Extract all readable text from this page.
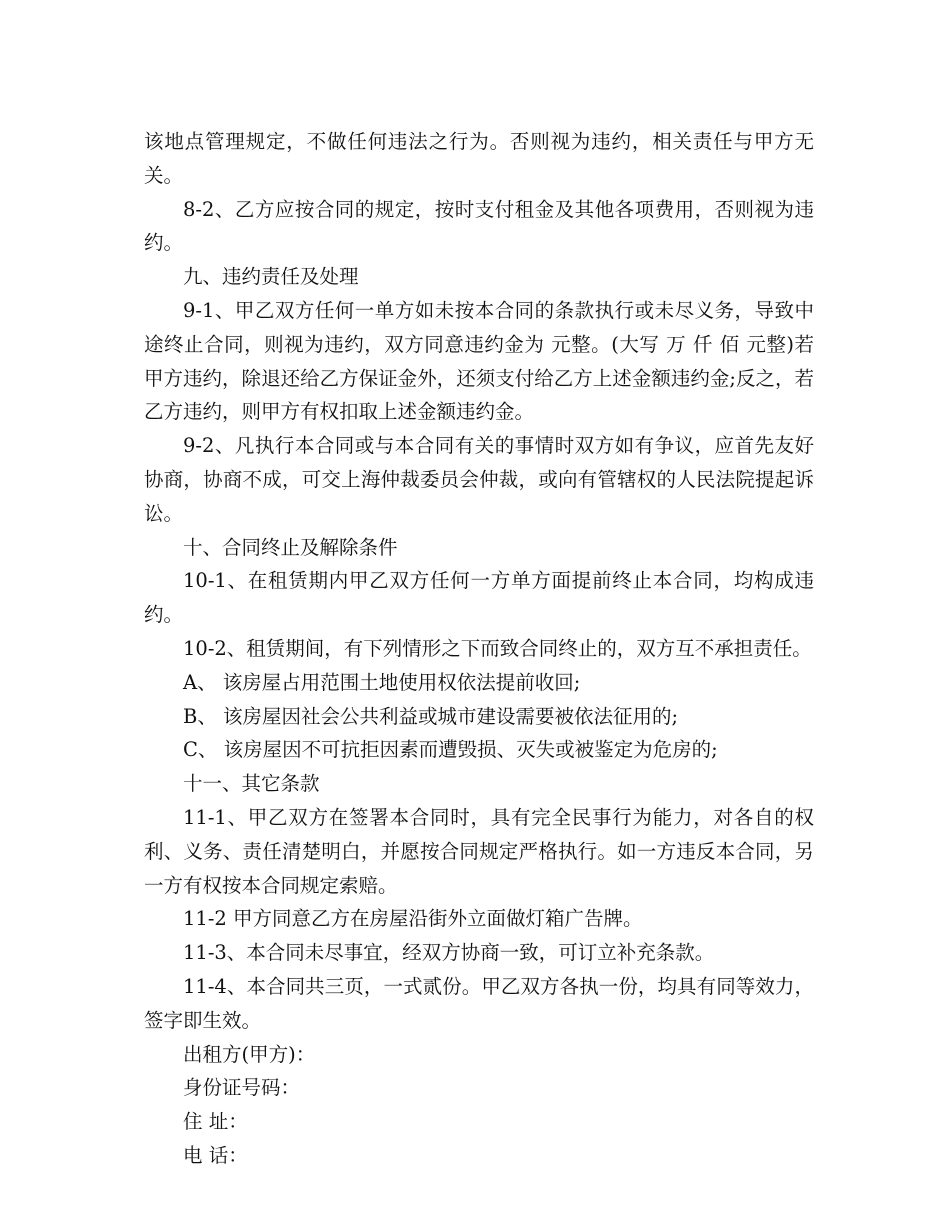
该地点管理规定，不做任何违法之行为。否则视为违约，相关责任与甲方无关。

8-2、乙方应按合同的规定，按时支付租金及其他各项费用，否则视为违约。

九、违约责任及处理

9-1、甲乙双方任何一单方如未按本合同的条款执行或未尽义务，导致中途终止合同，则视为违约，双方同意违约金为 元整。(大写 万 仟 佰 元整)若甲方违约，除退还给乙方保证金外，还须支付给乙方上述金额违约金;反之，若乙方违约，则甲方有权扣取上述金额违约金。

9-2、凡执行本合同或与本合同有关的事情时双方如有争议，应首先友好协商，协商不成，可交上海仲裁委员会仲裁，或向有管辖权的人民法院提起诉讼。

十、合同终止及解除条件

10-1、在租赁期内甲乙双方任何一方单方面提前终止本合同，均构成违约。

10-2、租赁期间，有下列情形之下而致合同终止的，双方互不承担责任。

A、 该房屋占用范围土地使用权依法提前收回;

B、 该房屋因社会公共利益或城市建设需要被依法征用的;

C、 该房屋因不可抗拒因素而遭毁损、灭失或被鉴定为危房的;

十一、其它条款

11-1、甲乙双方在签署本合同时，具有完全民事行为能力，对各自的权利、义务、责任清楚明白，并愿按合同规定严格执行。如一方违反本合同，另一方有权按本合同规定索赔。

11-2 甲方同意乙方在房屋沿街外立面做灯箱广告牌。

11-3、本合同未尽事宜，经双方协商一致，可订立补充条款。

11-4、本合同共三页，一式贰份。甲乙双方各执一份，均具有同等效力，签字即生效。

出租方(甲方)：

身份证号码：

住 址：

电 话：
